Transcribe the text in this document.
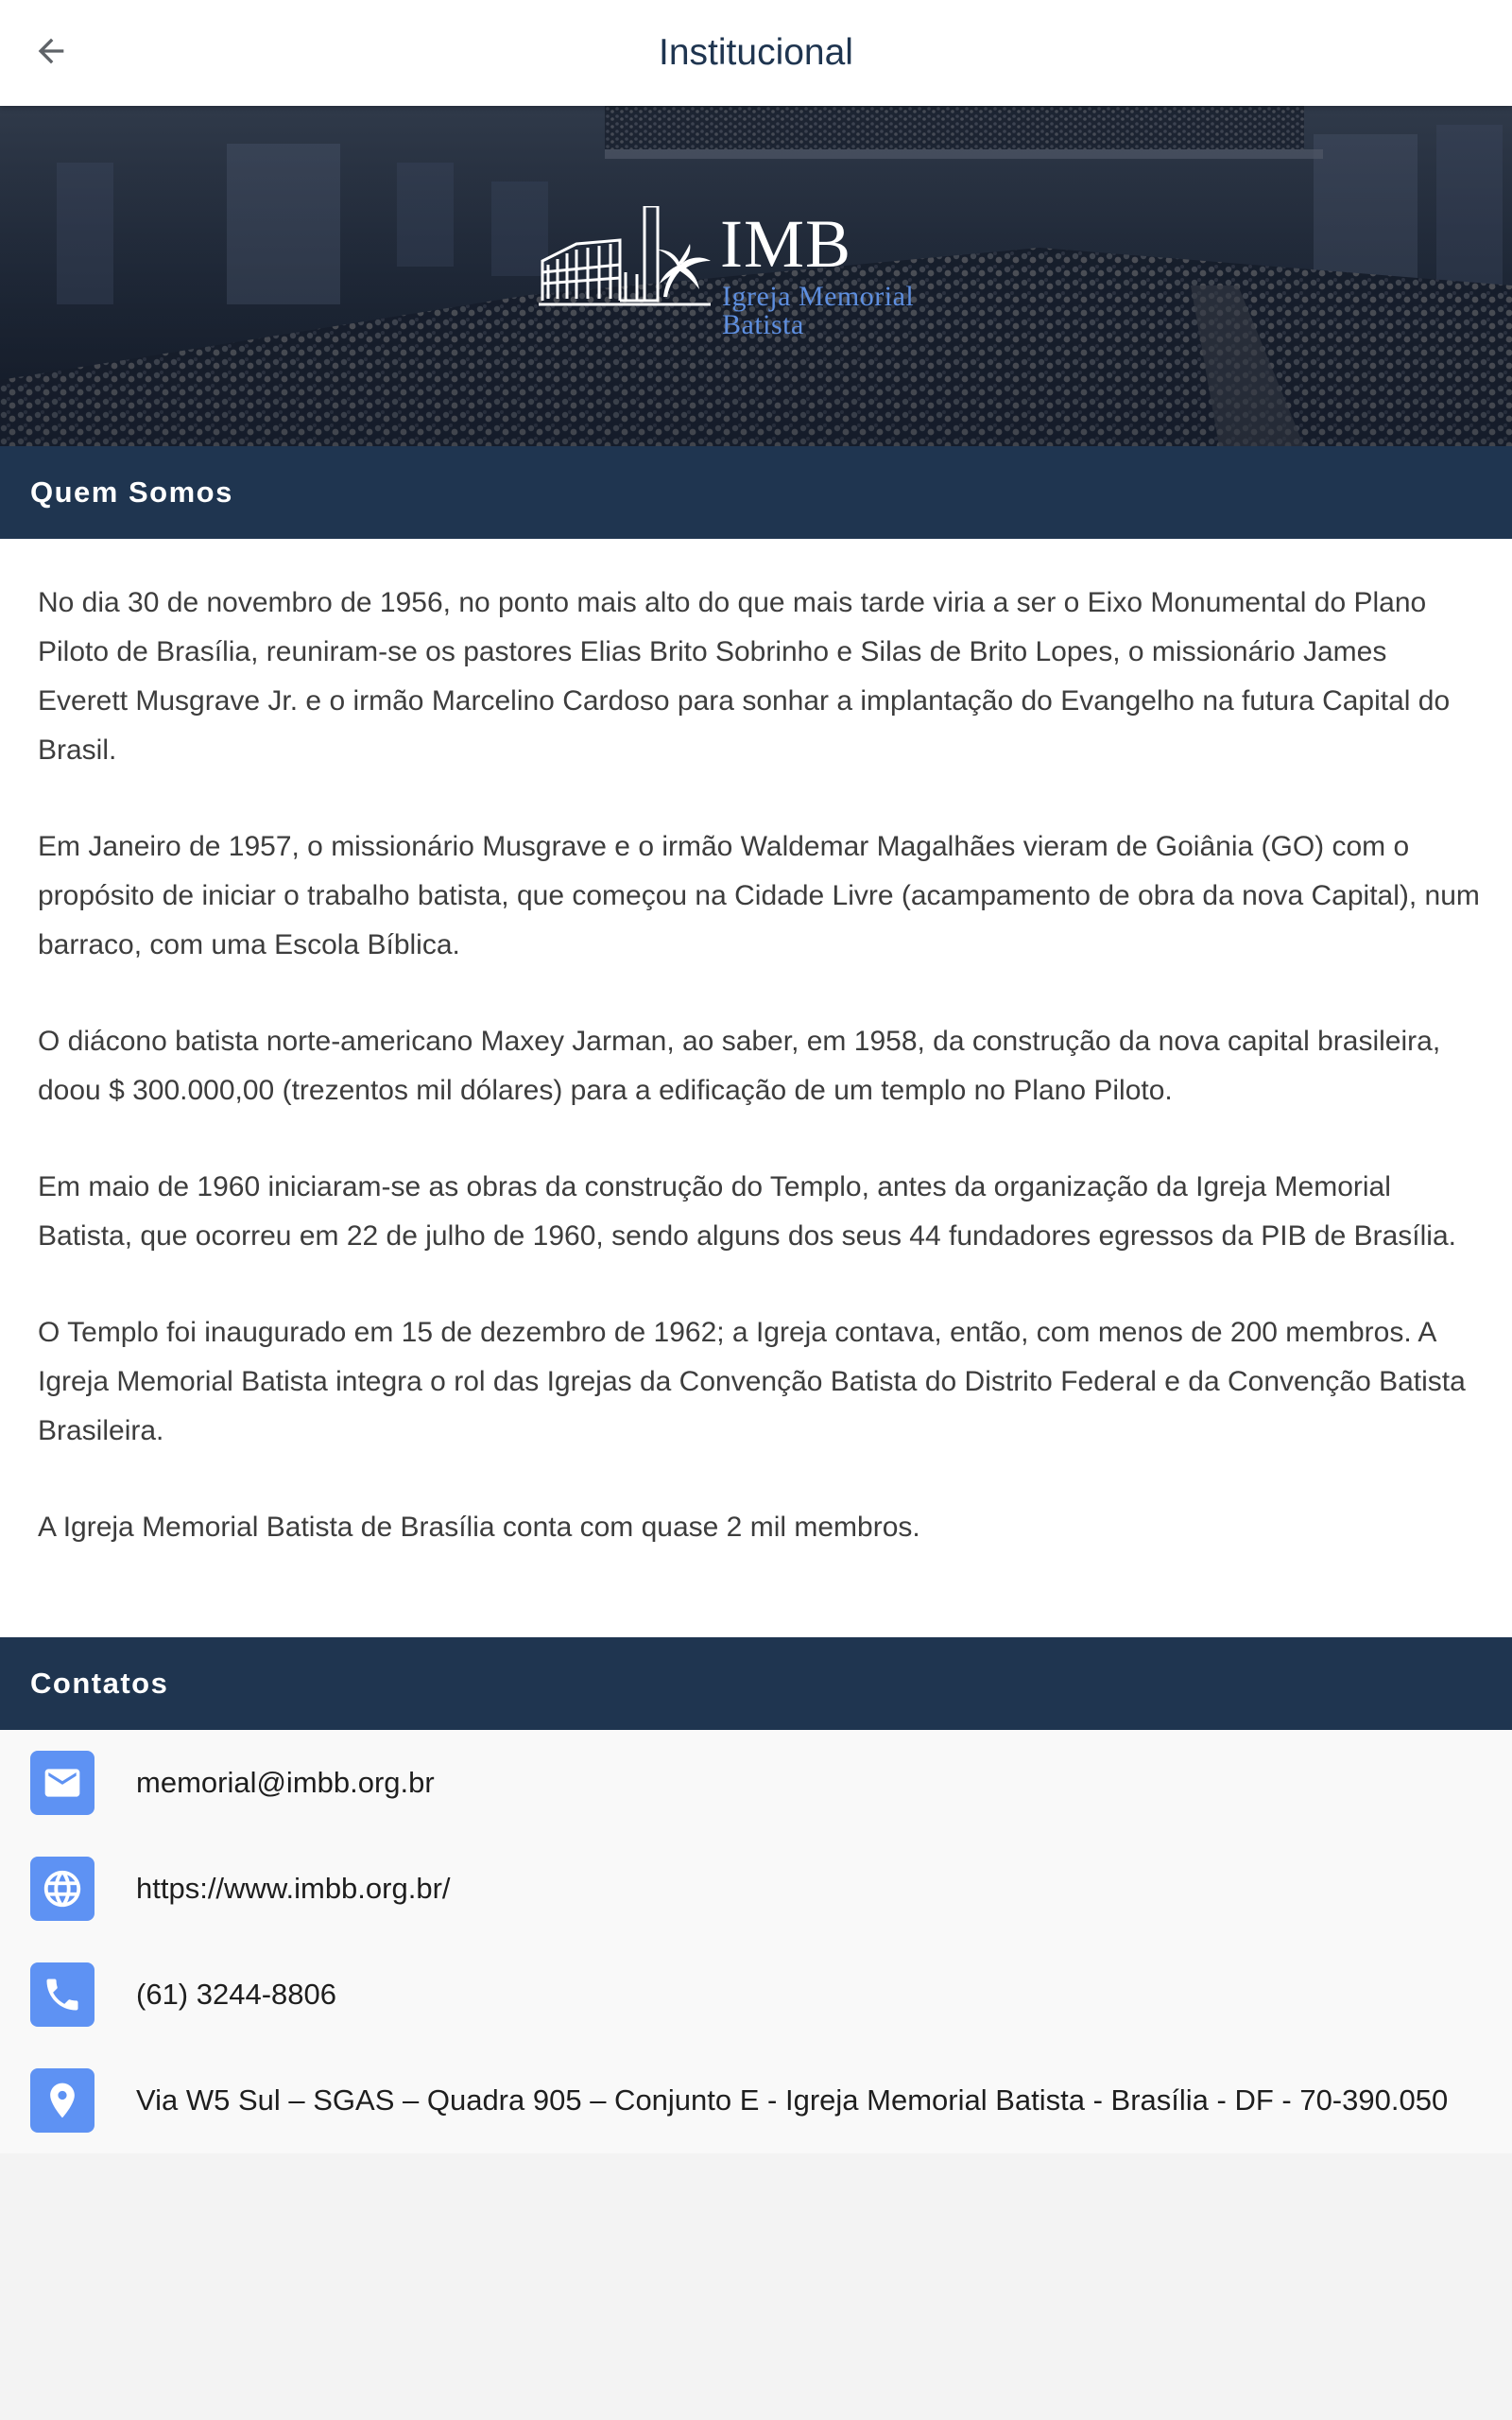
Institucional
IMB
Igreja Memorial
Batista
Quem Somos

No dia 30 de novembro de 1956, no ponto mais alto do que mais tarde viria a ser o Eixo Monumental do Plano Piloto de Brasília, reuniram-se os pastores Elias Brito Sobrinho e Silas de Brito Lopes, o missionário James Everett Musgrave Jr. e o irmão Marcelino Cardoso para sonhar a implantação do Evangelho na futura Capital do Brasil.

Em Janeiro de 1957, o missionário Musgrave e o irmão Waldemar Magalhães vieram de Goiânia (GO) com o propósito de iniciar o trabalho batista, que começou na Cidade Livre (acampamento de obra da nova Capital), num barraco, com uma Escola Bíblica.

O diácono batista norte-americano Maxey Jarman, ao saber, em 1958, da construção da nova capital brasileira, doou $ 300.000,00 (trezentos mil dólares) para a edificação de um templo no Plano Piloto.

Em maio de 1960 iniciaram-se as obras da construção do Templo, antes da organização da Igreja Memorial Batista, que ocorreu em 22 de julho de 1960, sendo alguns dos seus 44 fundadores egressos da PIB de Brasília.

O Templo foi inaugurado em 15 de dezembro de 1962; a Igreja contava, então, com menos de 200 membros. A Igreja Memorial Batista integra o rol das Igrejas da Convenção Batista do Distrito Federal e da Convenção Batista Brasileira.

A Igreja Memorial Batista de Brasília conta com quase 2 mil membros.

Contatos
memorial@imbb.org.br
https://www.imbb.org.br/
(61) 3244-8806
Via W5 Sul – SGAS – Quadra 905 – Conjunto E - Igreja Memorial Batista - Brasília - DF - 70-390.050
